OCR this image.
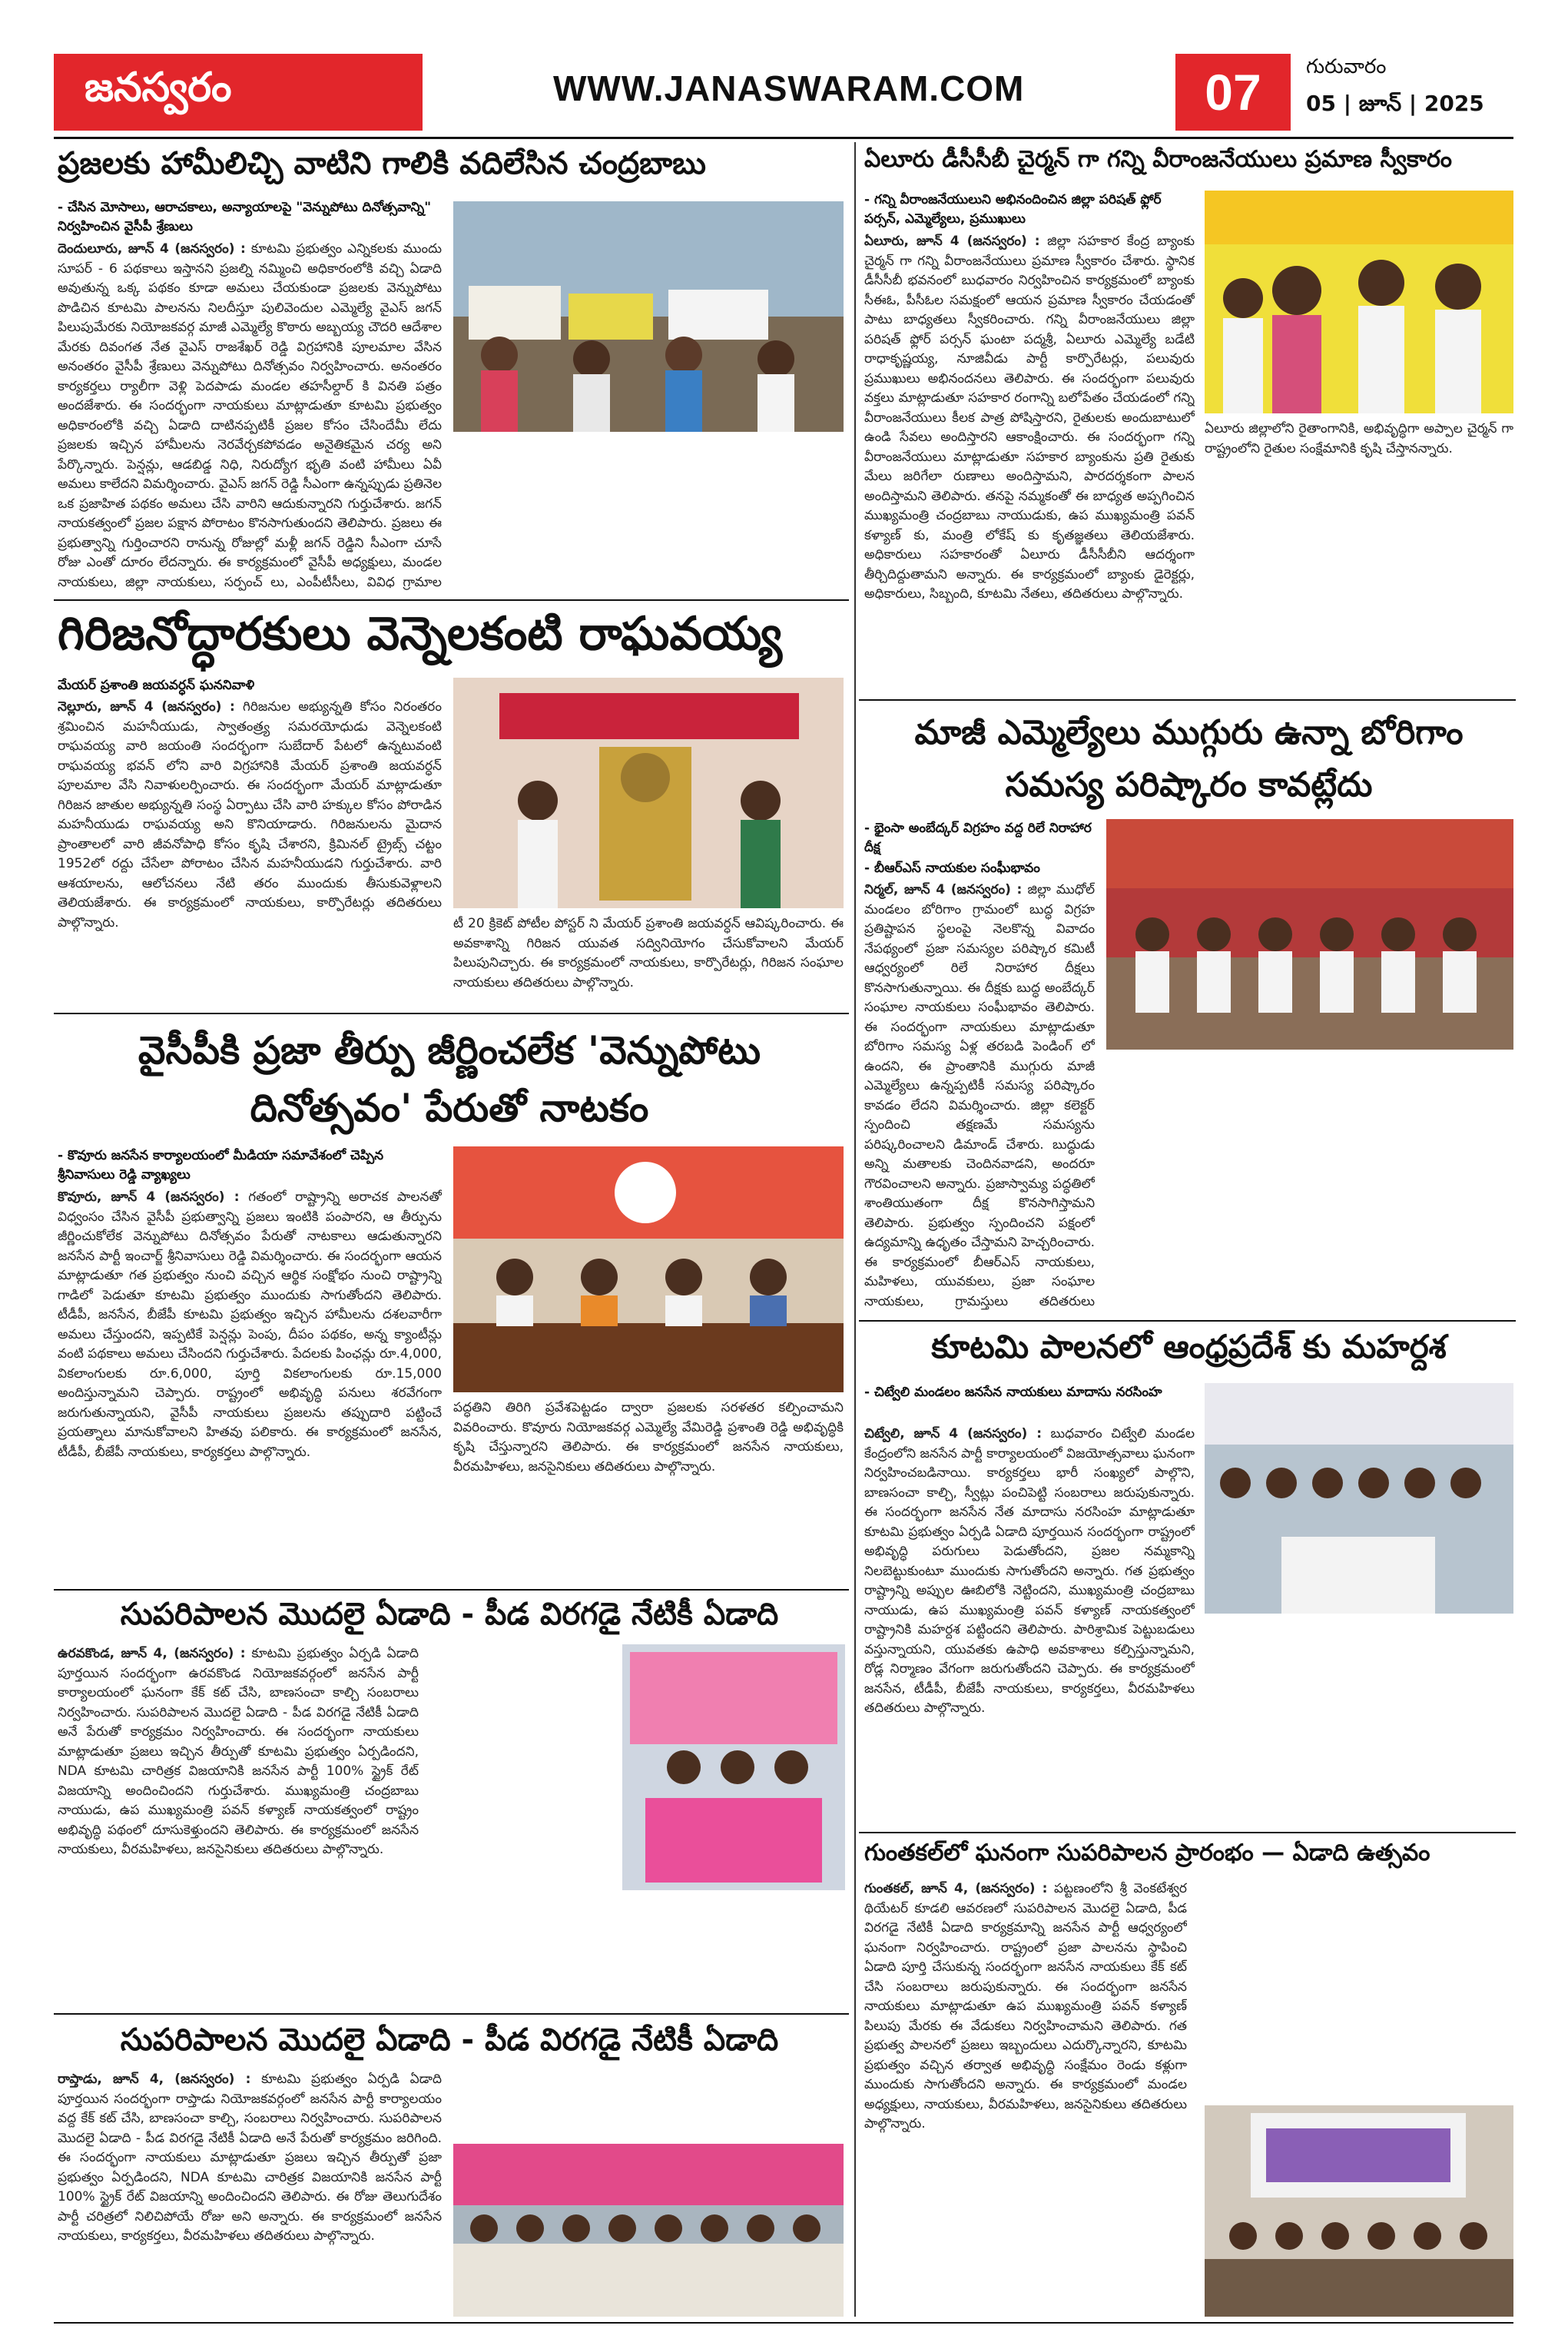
జనస్వరం	WWW.JANASWARAM.COM	07	గురువారం
05 | జూన్ | 2025
ప్రజలకు హామీలిచ్చి వాటిని గాలికి వదిలేసిన చంద్రబాబు
- చేసిన మోసాలు, ఆరాచకాలు, అన్యాయాలపై "వెన్నుపోటు దినోత్సవాన్ని" నిర్వహించిన వైసీపీ శ్రేణులు
దెందులూరు, జూన్ 4 (జనస్వరం) : కూటమి ప్రభుత్వం ఎన్నికలకు ముందు సూపర్ - 6 పథకాలు ఇస్తానని ప్రజల్ని నమ్మించి అధికారంలోకి వచ్చి ఏడాది అవుతున్న ఒక్క పథకం కూడా అమలు చేయకుండా ప్రజలకు వెన్నుపోటు పొడిచిన కూటమి పాలనను నిలదీస్తూ పులివెందుల ఎమ్మెల్యే వైఎస్ జగన్ పిలుపుమేరకు నియోజకవర్గ మాజీ ఎమ్మెల్యే కొఠారు అబ్బయ్య చౌదరి ఆదేశాల మేరకు దివంగత నేత వైఎస్ రాజశేఖర్ రెడ్డి విగ్రహానికి పూలమాల వేసిన అనంతరం వైసీపీ శ్రేణులు వెన్నుపోటు దినోత్సవం నిర్వహించారు. అనంతరం కార్యకర్తలు ర్యాలీగా వెళ్లి పెదపాడు మండల తహసీల్దార్ కి వినతి పత్రం అందజేశారు. ఈ సందర్భంగా నాయకులు మాట్లాడుతూ కూటమి ప్రభుత్వం అధికారంలోకి వచ్చి ఏడాది దాటినప్పటికీ ప్రజల కోసం చేసిందేమీ లేదు ప్రజలకు ఇచ్చిన హామీలను నెరవేర్చకపోవడం అనైతికమైన చర్య అని పేర్కొన్నారు. పెన్షన్లు, ఆడబిడ్డ నిధి, నిరుద్యోగ భృతి వంటి హామీలు ఏవీ అమలు కాలేదని విమర్శించారు. వైఎస్ జగన్ రెడ్డి సీఎంగా ఉన్నప్పుడు ప్రతినెల ఒక ప్రజాహిత పథకం అమలు చేసి వారిని ఆదుకున్నారని గుర్తుచేశారు. జగన్ నాయకత్వంలో ప్రజల పక్షాన పోరాటం కొనసాగుతుందని తెలిపారు. ప్రజలు ఈ ప్రభుత్వాన్ని గుర్తించారని రానున్న రోజుల్లో మళ్లీ జగన్ రెడ్డిని సీఎంగా చూసే రోజు ఎంతో దూరం లేదన్నారు. ఈ కార్యక్రమంలో వైసీపీ అధ్యక్షులు, మండల నాయకులు, జిల్లా నాయకులు, సర్పంచ్ లు, ఎంపీటీసీలు, వివిధ గ్రామాల
గిరిజనోద్ధారకులు వెన్నెలకంటి రాఘవయ్య
మేయర్ ప్రశాంతి జయవర్ధన్ ఘననివాళి
నెల్లూరు, జూన్ 4 (జనస్వరం) : గిరిజనుల అభ్యున్నతి కోసం నిరంతరం శ్రమించిన మహనీయుడు, స్వాతంత్ర్య సమరయోధుడు వెన్నెలకంటి రాఘవయ్య వారి జయంతి సందర్భంగా సుబేదార్ పేటలో ఉన్నటువంటి రాఘవయ్య భవన్ లోని వారి విగ్రహానికి మేయర్ ప్రశాంతి జయవర్ధన్ పూలమాల వేసి నివాళులర్పించారు. ఈ సందర్భంగా మేయర్ మాట్లాడుతూ గిరిజన జాతుల అభ్యున్నతి సంస్థ ఏర్పాటు చేసి వారి హక్కుల కోసం పోరాడిన మహనీయుడు రాఘవయ్య అని కొనియాడారు. గిరిజనులను మైదాన ప్రాంతాలలో వారి జీవనోపాధి కోసం కృషి చేశారని, క్రిమినల్ ట్రైబ్స్ చట్టం 1952లో రద్దు చేసేలా పోరాటం చేసిన మహనీయుడని గుర్తుచేశారు. వారి ఆశయాలను, ఆలోచనలు నేటి తరం ముందుకు తీసుకువెళ్లాలని తెలియజేశారు. ఈ కార్యక్రమంలో నాయకులు, కార్పొరేటర్లు తదితరులు పాల్గొన్నారు.	టీ 20 క్రికెట్ పోటీల పోస్టర్ ని మేయర్ ప్రశాంతి జయవర్ధన్ ఆవిష్కరించారు. ఈ అవకాశాన్ని గిరిజన యువత సద్వినియోగం చేసుకోవాలని మేయర్ పిలుపునిచ్చారు. ఈ కార్యక్రమంలో నాయకులు, కార్పొరేటర్లు, గిరిజన సంఘాల నాయకులు తదితరులు పాల్గొన్నారు.
వైసీపీకి ప్రజా తీర్పు జీర్ణించలేక 'వెన్నుపోటు దినోత్సవం' పేరుతో నాటకం
- కొవూరు జనసేన కార్యాలయంలో మీడియా సమావేశంలో చెప్పిన శ్రీనివాసులు రెడ్డి వ్యాఖ్యలు
కొవూరు, జూన్ 4 (జనస్వరం) : గతంలో రాష్ట్రాన్ని అరాచక పాలనతో విధ్వంసం చేసిన వైసీపీ ప్రభుత్వాన్ని ప్రజలు ఇంటికి పంపారని, ఆ తీర్పును జీర్ణించుకోలేక వెన్నుపోటు దినోత్సవం పేరుతో నాటకాలు ఆడుతున్నారని జనసేన పార్టీ ఇంచార్జ్ శ్రీనివాసులు రెడ్డి విమర్శించారు. ఈ సందర్భంగా ఆయన మాట్లాడుతూ గత ప్రభుత్వం నుంచి వచ్చిన ఆర్థిక సంక్షోభం నుంచి రాష్ట్రాన్ని గాడిలో పెడుతూ కూటమి ప్రభుత్వం ముందుకు సాగుతోందని తెలిపారు. టీడీపీ, జనసేన, బీజేపీ కూటమి ప్రభుత్వం ఇచ్చిన హామీలను దశలవారీగా అమలు చేస్తుందని, ఇప్పటికే పెన్షన్లు పెంపు, దీపం పథకం, అన్న క్యాంటీన్లు వంటి పథకాలు అమలు చేసిందని గుర్తుచేశారు. పేదలకు పింఛన్లు రూ.4,000, వికలాంగులకు రూ.6,000, పూర్తి వికలాంగులకు రూ.15,000 అందిస్తున్నామని చెప్పారు. రాష్ట్రంలో అభివృద్ధి పనులు శరవేగంగా జరుగుతున్నాయని, వైసీపీ నాయకులు ప్రజలను తప్పుదారి పట్టించే ప్రయత్నాలు మానుకోవాలని హితవు పలికారు. ఈ కార్యక్రమంలో జనసేన, టీడీపీ, బీజేపీ నాయకులు, కార్యకర్తలు పాల్గొన్నారు.
పద్ధతిని తిరిగి ప్రవేశపెట్టడం ద్వారా ప్రజలకు సరళతర కల్పించామని వివరించారు. కొవూరు నియోజకవర్గ ఎమ్మెల్యే వేమిరెడ్డి ప్రశాంతి రెడ్డి అభివృద్ధికి కృషి చేస్తున్నారని తెలిపారు. ఈ కార్యక్రమంలో జనసేన నాయకులు, వీరమహిళలు, జనసైనికులు తదితరులు పాల్గొన్నారు.
సుపరిపాలన మొదలై ఏడాది - పీడ విరగడై నేటికీ ఏడాది
ఉరవకొండ, జూన్ 4, (జనస్వరం) : కూటమి ప్రభుత్వం ఏర్పడి ఏడాది పూర్తయిన సందర్భంగా ఉరవకొండ నియోజకవర్గంలో జనసేన పార్టీ కార్యాలయంలో ఘనంగా కేక్ కట్ చేసి, బాణసంచా కాల్చి సంబరాలు నిర్వహించారు. సుపరిపాలన మొదలై ఏడాది - పీడ విరగడై నేటికీ ఏడాది అనే పేరుతో కార్యక్రమం నిర్వహించారు. ఈ సందర్భంగా నాయకులు మాట్లాడుతూ ప్రజలు ఇచ్చిన తీర్పుతో కూటమి ప్రభుత్వం ఏర్పడిందని, NDA కూటమి చారిత్రక విజయానికి జనసేన పార్టీ 100% స్ట్రైక్ రేట్ విజయాన్ని అందించిందని గుర్తుచేశారు. ముఖ్యమంత్రి చంద్రబాబు నాయుడు, ఉప ముఖ్యమంత్రి పవన్ కళ్యాణ్ నాయకత్వంలో రాష్ట్రం అభివృద్ధి పథంలో దూసుకెళ్తుందని తెలిపారు. ఈ కార్యక్రమంలో జనసేన నాయకులు, వీరమహిళలు, జనసైనికులు తదితరులు పాల్గొన్నారు.
సుపరిపాలన మొదలై ఏడాది - పీడ విరగడై నేటికీ ఏడాది
రాప్తాడు, జూన్ 4, (జనస్వరం) : కూటమి ప్రభుత్వం ఏర్పడి ఏడాది పూర్తయిన సందర్భంగా రాప్తాడు నియోజకవర్గంలో జనసేన పార్టీ కార్యాలయం వద్ద కేక్ కట్ చేసి, బాణసంచా కాల్చి, సంబరాలు నిర్వహించారు. సుపరిపాలన మొదలై ఏడాది - పీడ విరగడై నేటికీ ఏడాది అనే పేరుతో కార్యక్రమం జరిగింది. ఈ సందర్భంగా నాయకులు మాట్లాడుతూ ప్రజలు ఇచ్చిన తీర్పుతో ప్రజా ప్రభుత్వం ఏర్పడిందని, NDA కూటమి చారిత్రక విజయానికి జనసేన పార్టీ 100% స్ట్రైక్ రేట్ విజయాన్ని అందించిందని తెలిపారు. ఈ రోజు తెలుగుదేశం పార్టీ చరిత్రలో నిలిచిపోయే రోజు అని అన్నారు. ఈ కార్యక్రమంలో జనసేన నాయకులు, కార్యకర్తలు, వీరమహిళలు తదితరులు పాల్గొన్నారు.
ఏలూరు డీసీసీబీ చైర్మన్ గా గన్ని వీరాంజనేయులు ప్రమాణ స్వీకారం
- గన్ని వీరాంజనేయులుని అభినందించిన జిల్లా పరిషత్ ఫ్లోర్ పర్సన్, ఎమ్మెల్యేలు, ప్రముఖులు
ఏలూరు, జూన్ 4 (జనస్వరం) : జిల్లా సహకార కేంద్ర బ్యాంకు చైర్మన్ గా గన్ని వీరాంజనేయులు ప్రమాణ స్వీకారం చేశారు. స్థానిక డీసీసీబీ భవనంలో బుధవారం నిర్వహించిన కార్యక్రమంలో బ్యాంకు సీఈఓ, పీసీఓల సమక్షంలో ఆయన ప్రమాణ స్వీకారం చేయడంతో పాటు బాధ్యతలు స్వీకరించారు. గన్ని వీరాంజనేయులు జిల్లా పరిషత్ ఫ్లోర్ పర్సన్ ఘంటా పద్మశ్రీ, ఏలూరు ఎమ్మెల్యే బడేటి రాధాకృష్ణయ్య, నూజివీడు పార్టీ కార్పొరేటర్లు, పలువురు ప్రముఖులు అభినందనలు తెలిపారు. ఈ సందర్భంగా పలువురు వక్తలు మాట్లాడుతూ సహకార రంగాన్ని బలోపేతం చేయడంలో గన్ని వీరాంజనేయులు కీలక పాత్ర పోషిస్తారని, రైతులకు అందుబాటులో ఉండి సేవలు అందిస్తారని ఆకాంక్షించారు. ఈ సందర్భంగా గన్ని వీరాంజనేయులు మాట్లాడుతూ సహకార బ్యాంకును ప్రతి రైతుకు మేలు జరిగేలా రుణాలు అందిస్తామని, పారదర్శకంగా పాలన అందిస్తామని తెలిపారు. తనపై నమ్మకంతో ఈ బాధ్యత అప్పగించిన ముఖ్యమంత్రి చంద్రబాబు నాయుడుకు, ఉప ముఖ్యమంత్రి పవన్ కళ్యాణ్ కు, మంత్రి లోకేష్ కు కృతజ్ఞతలు తెలియజేశారు. అధికారులు సహకారంతో ఏలూరు డీసీసీబీని ఆదర్శంగా తీర్చిదిద్దుతామని అన్నారు. ఈ కార్యక్రమంలో బ్యాంకు డైరెక్టర్లు, అధికారులు, సిబ్బంది, కూటమి నేతలు, తదితరులు పాల్గొన్నారు.
ఏలూరు జిల్లాలోని రైతాంగానికి, అభివృద్ధిగా అప్పాల చైర్మన్ గా రాష్ట్రంలోని రైతుల సంక్షేమానికి కృషి చేస్తానన్నారు.
మాజీ ఎమ్మెల్యేలు ముగ్గురు ఉన్నా బోరిగాం సమస్య పరిష్కారం కావట్లేదు
- భైంసా అంబేద్కర్ విగ్రహం వద్ద రిలే నిరాహార దీక్ష
- బీఆర్ఎస్ నాయకుల సంఘీభావం
నిర్మల్, జూన్ 4 (జనస్వరం) : జిల్లా ముధోల్ మండలం బోరిగాం గ్రామంలో బుద్ధ విగ్రహ ప్రతిష్టాపన స్థలంపై నెలకొన్న వివాదం నేపథ్యంలో ప్రజా సమస్యల పరిష్కార కమిటీ ఆధ్వర్యంలో రిలే నిరాహార దీక్షలు కొనసాగుతున్నాయి. ఈ దీక్షకు బుద్ధ అంబేద్కర్ సంఘాల నాయకులు సంఘీభావం తెలిపారు. ఈ సందర్భంగా నాయకులు మాట్లాడుతూ బోరిగాం సమస్య ఏళ్ల తరబడి పెండింగ్ లో ఉందని, ఈ ప్రాంతానికి ముగ్గురు మాజీ ఎమ్మెల్యేలు ఉన్నప్పటికీ సమస్య పరిష్కారం కావడం లేదని విమర్శించారు. జిల్లా కలెక్టర్ స్పందించి తక్షణమే సమస్యను పరిష్కరించాలని డిమాండ్ చేశారు. బుద్ధుడు అన్ని మతాలకు చెందినవాడని, అందరూ గౌరవించాలని అన్నారు. ప్రజాస్వామ్య పద్ధతిలో శాంతియుతంగా దీక్ష కొనసాగిస్తామని తెలిపారు. ప్రభుత్వం స్పందించని పక్షంలో ఉద్యమాన్ని ఉధృతం చేస్తామని హెచ్చరించారు. ఈ కార్యక్రమంలో బీఆర్ఎస్ నాయకులు, మహిళలు, యువకులు, ప్రజా సంఘాల నాయకులు, గ్రామస్తులు తదితరులు
కూటమి పాలనలో ఆంధ్రప్రదేశ్ కు మహర్దశ
- చిట్వేలి మండలం జనసేన నాయకులు మాదాసు నరసింహ
చిట్వేలి, జూన్ 4 (జనస్వరం) : బుధవారం చిట్వేలి మండల కేంద్రంలోని జనసేన పార్టీ కార్యాలయంలో విజయోత్సవాలు ఘనంగా నిర్వహించబడినాయి. కార్యకర్తలు భారీ సంఖ్యలో పాల్గొని, బాణసంచా కాల్చి, స్వీట్లు పంచిపెట్టి సంబరాలు జరుపుకున్నారు. ఈ సందర్భంగా జనసేన నేత మాదాసు నరసింహ మాట్లాడుతూ కూటమి ప్రభుత్వం ఏర్పడి ఏడాది పూర్తయిన సందర్భంగా రాష్ట్రంలో అభివృద్ధి పరుగులు పెడుతోందని, ప్రజల నమ్మకాన్ని నిలబెట్టుకుంటూ ముందుకు సాగుతోందని అన్నారు. గత ప్రభుత్వం రాష్ట్రాన్ని అప్పుల ఊబిలోకి నెట్టిందని, ముఖ్యమంత్రి చంద్రబాబు నాయుడు, ఉప ముఖ్యమంత్రి పవన్ కళ్యాణ్ నాయకత్వంలో రాష్ట్రానికి మహర్దశ పట్టిందని తెలిపారు. పారిశ్రామిక పెట్టుబడులు వస్తున్నాయని, యువతకు ఉపాధి అవకాశాలు కల్పిస్తున్నామని, రోడ్ల నిర్మాణం వేగంగా జరుగుతోందని చెప్పారు. ఈ కార్యక్రమంలో జనసేన, టీడీపీ, బీజేపీ నాయకులు, కార్యకర్తలు, వీరమహిళలు తదితరులు పాల్గొన్నారు.
గుంతకల్‌లో ఘనంగా సుపరిపాలన ప్రారంభం — ఏడాది ఉత్సవం
గుంతకల్, జూన్ 4, (జనస్వరం) : పట్టణంలోని శ్రీ వెంకటేశ్వర థియేటర్ కూడలి ఆవరణలో సుపరిపాలన మొదలై ఏడాది, పీడ విరగడై నేటికీ ఏడాది కార్యక్రమాన్ని జనసేన పార్టీ ఆధ్వర్యంలో ఘనంగా నిర్వహించారు. రాష్ట్రంలో ప్రజా పాలనను స్థాపించి ఏడాది పూర్తి చేసుకున్న సందర్భంగా జనసేన నాయకులు కేక్ కట్ చేసి సంబరాలు జరుపుకున్నారు. ఈ సందర్భంగా జనసేన నాయకులు మాట్లాడుతూ ఉప ముఖ్యమంత్రి పవన్ కళ్యాణ్ పిలుపు మేరకు ఈ వేడుకలు నిర్వహించామని తెలిపారు. గత ప్రభుత్వ పాలనలో ప్రజలు ఇబ్బందులు ఎదుర్కొన్నారని, కూటమి ప్రభుత్వం వచ్చిన తర్వాత అభివృద్ధి సంక్షేమం రెండు కళ్లుగా ముందుకు సాగుతోందని అన్నారు. ఈ కార్యక్రమంలో మండల అధ్యక్షులు, నాయకులు, వీరమహిళలు, జనసైనికులు తదితరులు పాల్గొన్నారు.
